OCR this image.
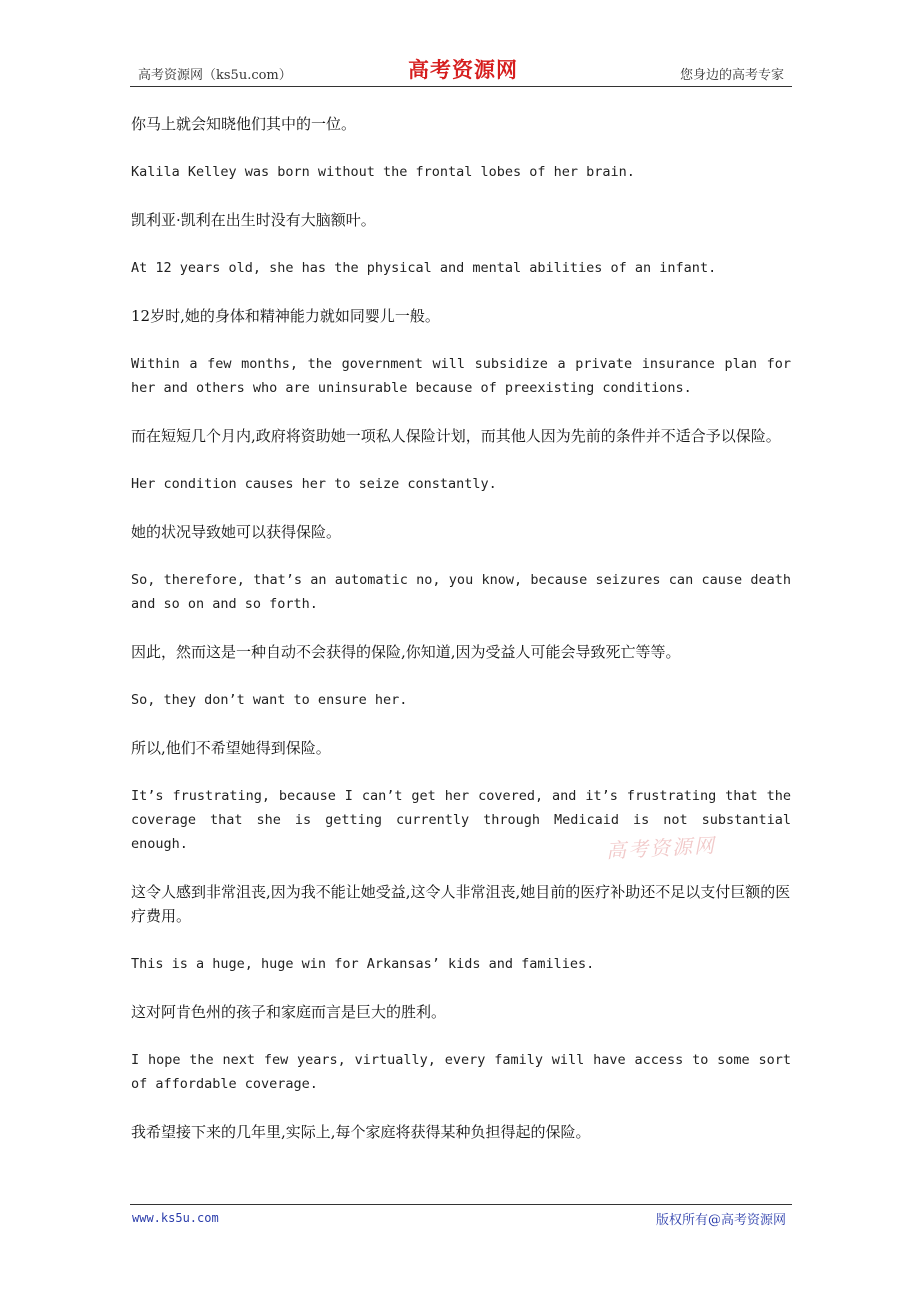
高考资源网（ks5u.com）	高考资源网	您身边的高考专家

你马上就会知晓他们其中的一位。

Kalila Kelley was born without the frontal lobes of her brain.

凯利亚·凯利在出生时没有大脑额叶。

At 12 years old, she has the physical and mental abilities of an infant.

12岁时,她的身体和精神能力就如同婴儿一般。

Within a few months, the government will subsidize a private insurance plan for her and others who are uninsurable because of preexisting conditions.

而在短短几个月内,政府将资助她一项私人保险计划，而其他人因为先前的条件并不适合予以保险。

Her condition causes her to seize constantly.

她的状况导致她可以获得保险。

So, therefore, that’s an automatic no, you know, because seizures can cause death and so on and so forth.

因此，然而这是一种自动不会获得的保险,你知道,因为受益人可能会导致死亡等等。

So, they don’t want to ensure her.

所以,他们不希望她得到保险。

It’s frustrating, because I can’t get her covered, and it’s frustrating that the coverage that she is getting currently through Medicaid is not substantial enough.

这令人感到非常沮丧,因为我不能让她受益,这令人非常沮丧,她目前的医疗补助还不足以支付巨额的医疗费用。

This is a huge, huge win for Arkansas’ kids and families.

这对阿肯色州的孩子和家庭而言是巨大的胜利。

I hope the next few years, virtually, every family will have access to some sort of affordable coverage.

我希望接下来的几年里,实际上,每个家庭将获得某种负担得起的保险。

高考资源网
www.ks5u.com	版权所有@高考资源网
